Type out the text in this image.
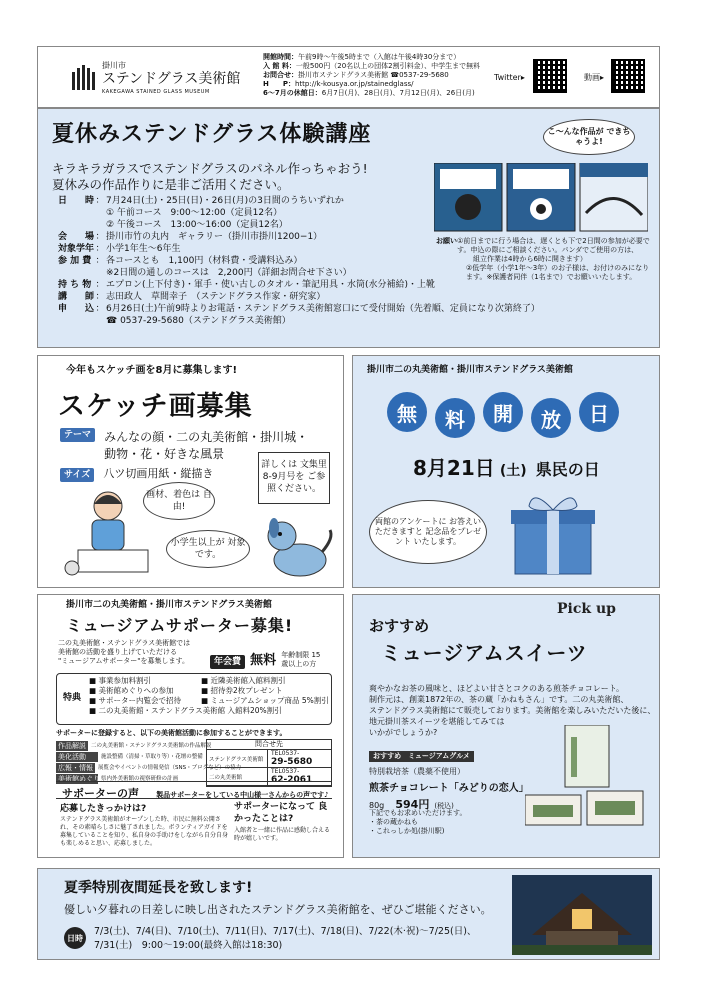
掛川市
ステンドグラス美術館
KAKEGAWA STAINED GLASS MUSEUM
開館時間： 午前9時〜午後5時まで（入館は午後4時30分まで）
入 館 料： 一般500円（20名以上の団体2割引料金）、中学生まで無料
お問合せ： 掛川市ステンドグラス美術館 ☎0537-29-5680
H　　P： http://k-kousya.or.jp/stainedglass/
6〜7月の休館日： 6月7日(月)、28日(月)、7月12日(月)、26日(月)
Twitter▸	動画▸
夏休みステンドグラス体験講座
キラキラガラスでステンドグラスのパネル作っちゃおう!
夏休みの作品作りに是非ご活用ください。
こ〜んな作品が できちゃうよ!
日　　時 ： 7月24日(土)・25日(日)・26日(月)の3日間のうちいずれか
① 午前コース　9:00〜12:00（定員12名）
② 午後コース　13:00〜16:00（定員12名）
会　　場 ： 掛川市竹の丸内　ギャラリー（掛川市掛川1200−1）
対象学年 ： 小学1年生〜6年生
参 加 費 ： 各コースとも　1,100円（材料費・受講料込み）
※2日間の通しのコースは　2,200円（詳細お問合せ下さい）
持 ち 物 ： エプロン(上下付き)・軍手・使い古しのタオル・筆記用具・水筒(水分補給)・上靴
講　　師 ： 志田政人　草間幸子　（ステンドグラス作家・研究家）
申　　込 ： 6月26日(土)午前9時よりお電話・ステンドグラス美術館窓口にて受付開始（先着順、定員になり次第終了）
☎ 0537-29-5680（ステンドグラス美術館）
お願い ①前日までに行う場合は、遅くとも下で2日間の参加が必要です。申込の際にご相談ください。パンダでご使用の方は、
　組立作業は4時から6時に開きます）
②低学年（小学1年〜3年）のお子様は、お付けのみになります。※保護者同伴（1名まで）でお願いいたします。
今年もスケッチ画を8月に募集します!
スケッチ画募集
テーマ みんなの顔・二の丸美術館・掛川城・
動物・花・好きな風景
サイズ 八ツ切画用紙・縦描き
詳しくは 文集里8-9月号を ご参照ください。
画材、着色は 自由!
小学生以上が 対象です。
掛川市二の丸美術館・掛川市ステンドグラス美術館
無	料	開	放	日
8月21日 (土) 県民の日
両館のアンケートに お答えいただきますと 記念品をプレゼント いたします。
掛川市二の丸美術館・掛川市ステンドグラス美術館
ミュージアムサポーター募集!
二の丸美術館・ステンドグラス美術館では
美術館の活動を盛り上げていただける
"ミュージアムサポーター"を募集します。	年会費 無料 年齢制限 15歳以上の方
特典
■ 事業参加料割引	■ 近隣美術館入館料割引
■ 美術館めぐりへの参加	■ 招待券2枚プレゼント
■ サポーター内覧会で招待	■ ミュージアムショップ商品 5%割引
■ 二の丸美術館・ステンドグラス美術館 入館料20%割引
サポーターに登録すると、以下の美術館活動に参加することができます。
作品解説 二の丸美術館・ステンドグラス美術館の作品解説
美化活動	施設整備（清掃・草取り等）・花壇の整備
広報・情報 展覧会やイベントの情報発信（SNS・ブログなど）の協力
美術館めぐり 県内外美術館の視察研修の計画
問合せ先
ステンドグラス美術館
TEL0537-
29-5680
二の丸美術館
TEL0537-
62-2061
サポーターの声 製品サポーターをしている中山様一さんからの声です♪
応募したきっかけは?
ステンドグラス美術館がオープンした時、市民に無料公開され、その素晴らしさに魅了されました。ボランティアガイドを募集していることを知り、私自身の手助けをしながら自分自身も楽しめると思い、応募しました。
サポーターになって 良かったことは?
入館者と一緒に作品に感動し合える時が嬉しいです。
Pick up
おすすめ
ミュージアムスイーツ
爽やかなお茶の風味と、ほどよい甘さとコクのある煎茶チョコレート。
制作元は、創業1872年の、茶の蔵「かねもさん」です。二の丸美術館、
ステンドグラス美術館にて販売しております。美術館を楽しみいただいた後に、
地元掛川茶スイーツを堪能してみては
いかがでしょうか?
おすすめ　ミュージアムグルメ
特別栽培茶（農薬不使用）
煎茶チョコレート「みどりの恋人」
80g 594円 (税込)
下記でもお求めいただけます。
・茶の蔵かねも
・これっしか処(掛川駅)
夏季特別夜間延長を致します!
優しい夕暮れの日差しに映し出されたステンドグラス美術館を、ぜひご堪能ください。
日時
7/3(土)、7/4(日)、7/10(土)、7/11(日)、7/17(土)、7/18(日)、7/22(木·祝)〜7/25(日)、
7/31(土)　9:00〜19:00(最終入館は18:30)
